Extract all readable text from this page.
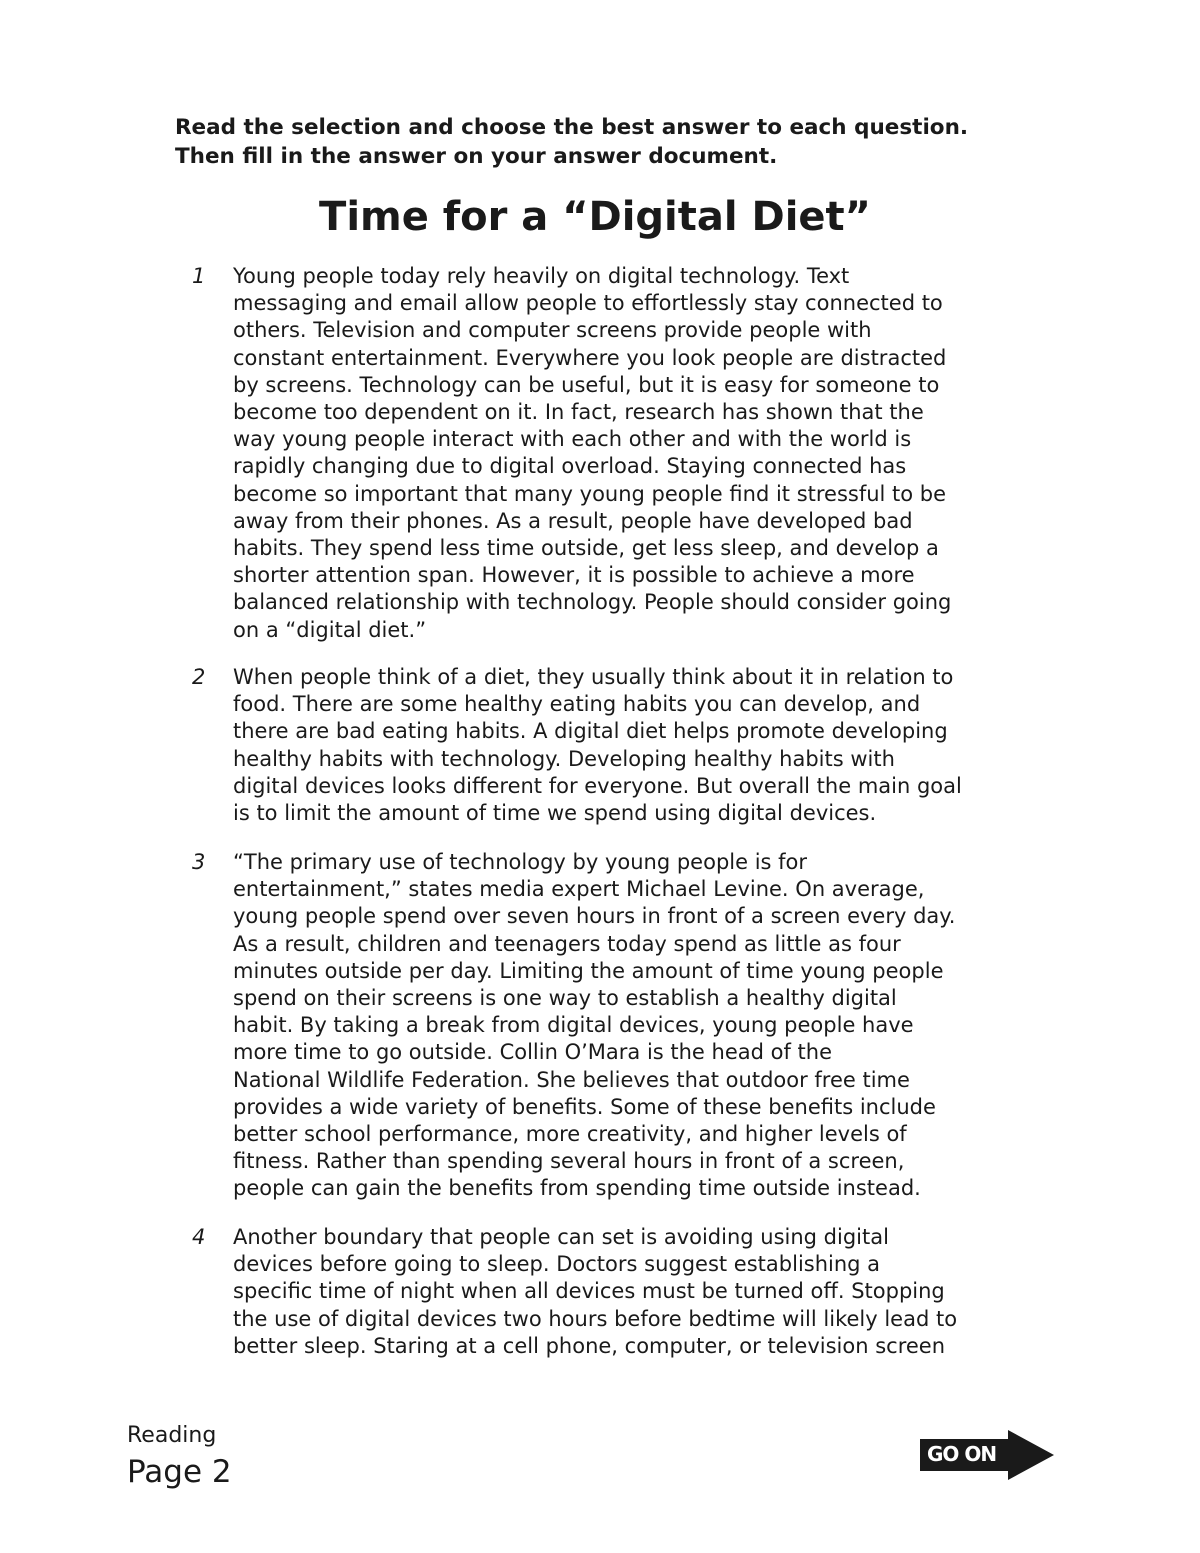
Read the selection and choose the best answer to each question.
Then fill in the answer on your answer document.
Time for a “Digital Diet”
1	Young people today rely heavily on digital technology. Text
messaging and email allow people to effortlessly stay connected to
others. Television and computer screens provide people with
constant entertainment. Everywhere you look people are distracted
by screens. Technology can be useful, but it is easy for someone to
become too dependent on it. In fact, research has shown that the
way young people interact with each other and with the world is
rapidly changing due to digital overload. Staying connected has
become so important that many young people find it stressful to be
away from their phones. As a result, people have developed bad
habits. They spend less time outside, get less sleep, and develop a
shorter attention span. However, it is possible to achieve a more
balanced relationship with technology. People should consider going
on a “digital diet.”
2	When people think of a diet, they usually think about it in relation to
food. There are some healthy eating habits you can develop, and
there are bad eating habits. A digital diet helps promote developing
healthy habits with technology. Developing healthy habits with
digital devices looks different for everyone. But overall the main goal
is to limit the amount of time we spend using digital devices.
3	“The primary use of technology by young people is for
entertainment,” states media expert Michael Levine. On average,
young people spend over seven hours in front of a screen every day.
As a result, children and teenagers today spend as little as four
minutes outside per day. Limiting the amount of time young people
spend on their screens is one way to establish a healthy digital
habit. By taking a break from digital devices, young people have
more time to go outside. Collin O’Mara is the head of the
National Wildlife Federation. She believes that outdoor free time
provides a wide variety of benefits. Some of these benefits include
better school performance, more creativity, and higher levels of
fitness. Rather than spending several hours in front of a screen,
people can gain the benefits from spending time outside instead.
4	Another boundary that people can set is avoiding using digital
devices before going to sleep. Doctors suggest establishing a
specific time of night when all devices must be turned off. Stopping
the use of digital devices two hours before bedtime will likely lead to
better sleep. Staring at a cell phone, computer, or television screen
Reading
Page 2	GO ON
